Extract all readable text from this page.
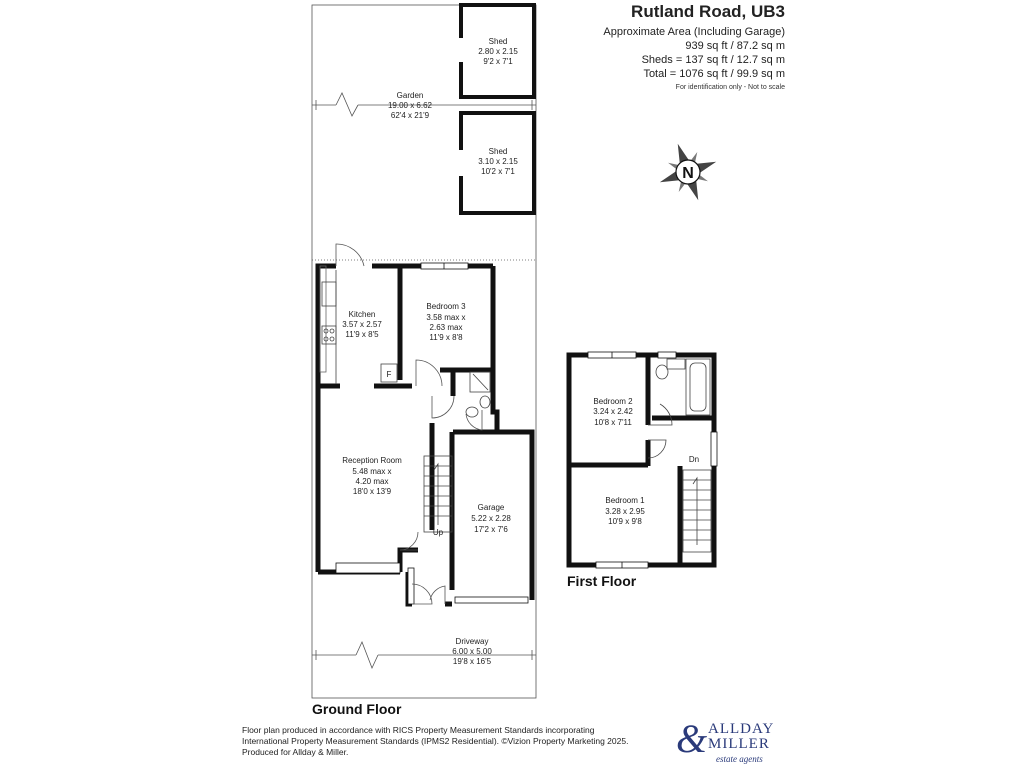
N
Shed
2.80 x 2.15
9'2 x 7'1
Garden
19.00 x 6.62
62'4 x 21'9
Shed
3.10 x 2.15
10'2 x 7'1
Kitchen
3.57 x 2.57
11'9 x 8'5
F
Bedroom 3
3.58 max x
2.63 max
11'9 x 8'8
Reception Room
5.48 max x
4.20 max
18'0 x 13'9
Garage
5.22 x 2.28
17'2 x 7'6
Up
Driveway
6.00 x 5.00
19'8 x 16'5
Bedroom 2
3.24 x 2.42
10'8 x 7'11
Bedroom 1
3.28 x 2.95
10'9 x 9'8
Dn
Ground Floor
First Floor
Rutland Road, UB3
Approximate Area (Including Garage)
939 sq ft / 87.2 sq m
Sheds = 137 sq ft / 12.7 sq m
Total = 1076 sq ft / 99.9 sq m
For identification only - Not to scale
Floor plan produced in accordance with RICS Property Measurement Standards incorporating
International Property Measurement Standards (IPMS2 Residential). ©Vizion Property Marketing 2025.
Produced for Allday & Miller.	& ALLDAY
MILLER
estate agents
